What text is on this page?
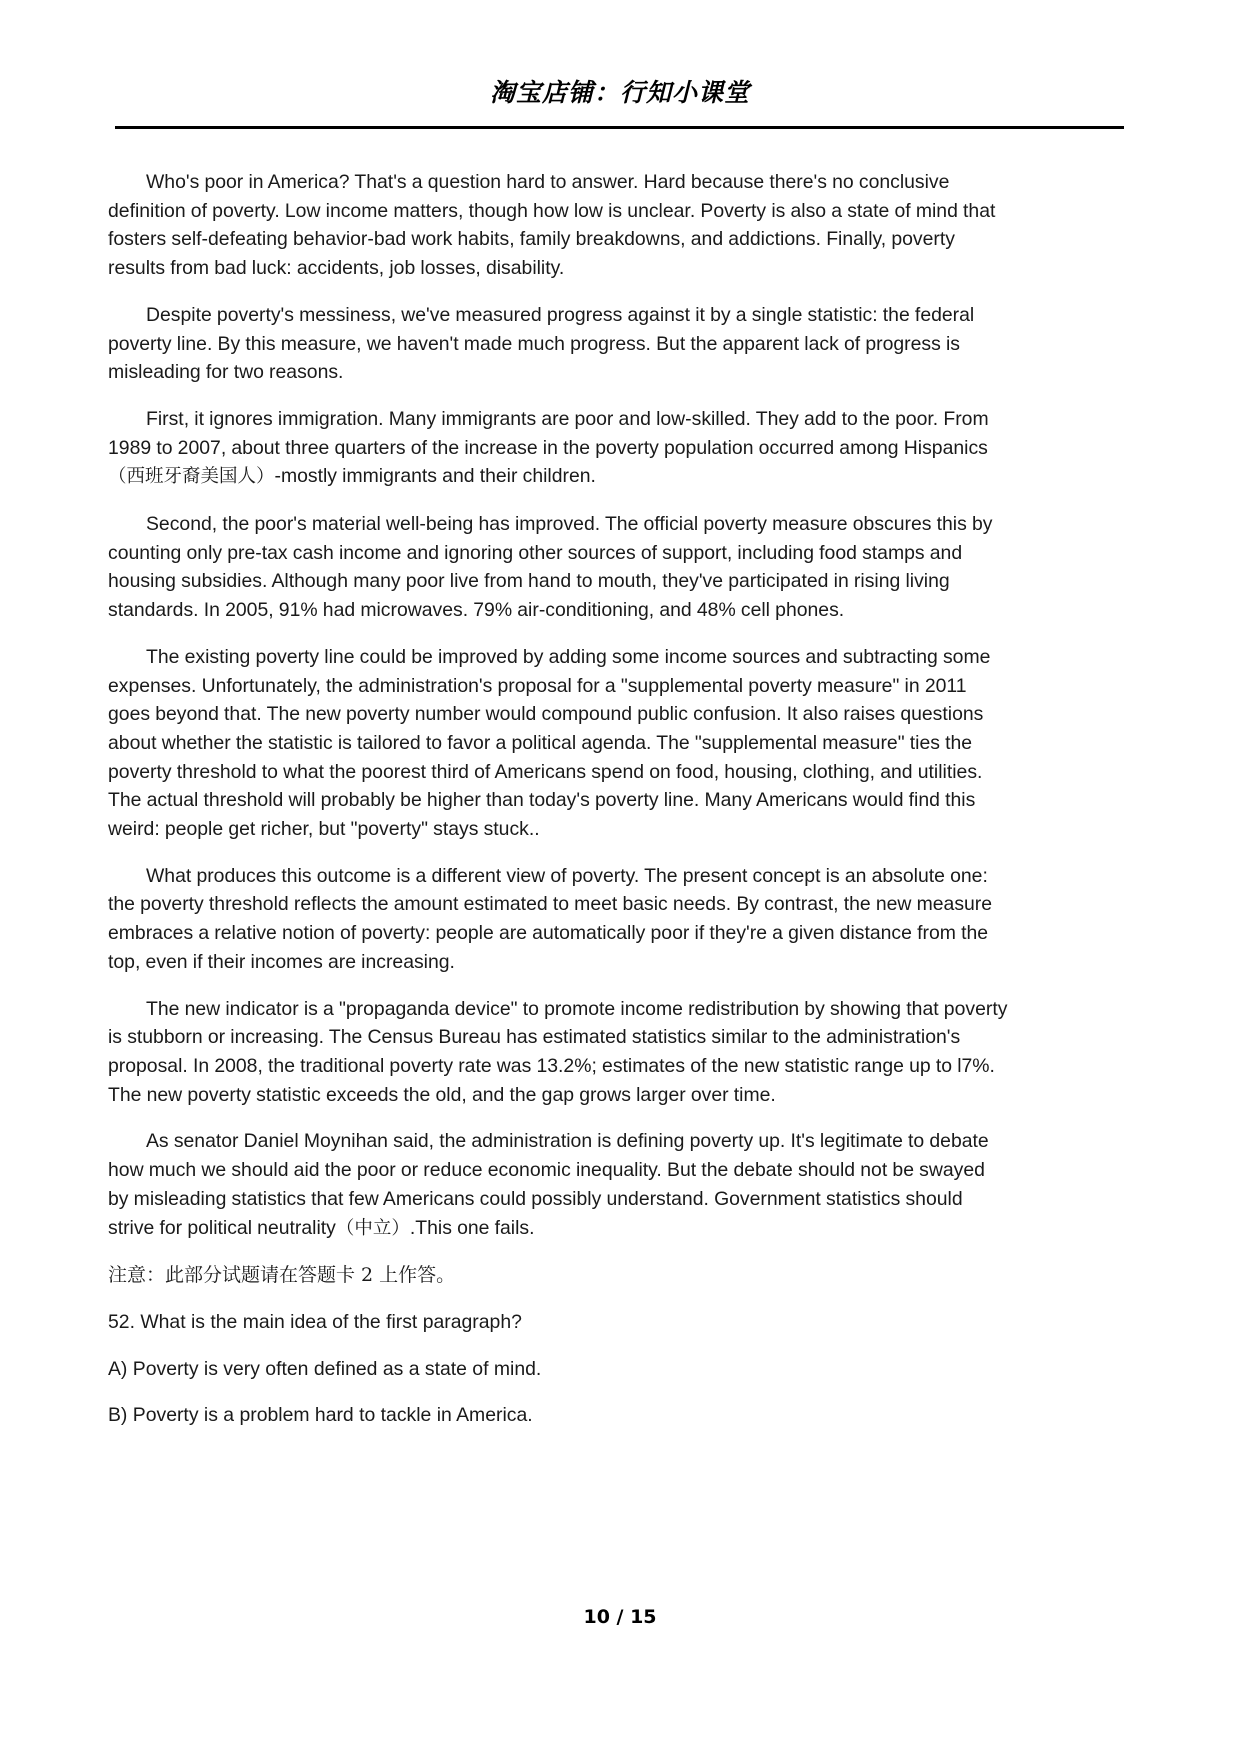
淘宝店铺：行知小课堂

Who's poor in America? That's a question hard to answer. Hard because there's no conclusive definition of poverty. Low income matters, though how low is unclear. Poverty is also a state of mind that fosters self-defeating behavior-bad work habits, family breakdowns, and addictions. Finally, poverty results from bad luck: accidents, job losses, disability.

Despite poverty's messiness, we've measured progress against it by a single statistic: the federal poverty line. By this measure, we haven't made much progress. But the apparent lack of progress is misleading for two reasons.

First, it ignores immigration. Many immigrants are poor and low-skilled. They add to the poor. From 1989 to 2007, about three quarters of the increase in the poverty population occurred among Hispanics（西班牙裔美国人）-mostly immigrants and their children.

Second, the poor's material well-being has improved. The official poverty measure obscures this by counting only pre-tax cash income and ignoring other sources of support, including food stamps and housing subsidies. Although many poor live from hand to mouth, they've participated in rising living standards. In 2005, 91% had microwaves. 79% air-conditioning, and 48% cell phones.

The existing poverty line could be improved by adding some income sources and subtracting some expenses. Unfortunately, the administration's proposal for a "supplemental poverty measure" in 2011 goes beyond that. The new poverty number would compound public confusion. It also raises questions about whether the statistic is tailored to favor a political agenda. The "supplemental measure" ties the poverty threshold to what the poorest third of Americans spend on food, housing, clothing, and utilities. The actual threshold will probably be higher than today's poverty line. Many Americans would find this weird: people get richer, but "poverty" stays stuck..

What produces this outcome is a different view of poverty. The present concept is an absolute one: the poverty threshold reflects the amount estimated to meet basic needs. By contrast, the new measure embraces a relative notion of poverty: people are automatically poor if they're a given distance from the top, even if their incomes are increasing.

The new indicator is a "propaganda device" to promote income redistribution by showing that poverty is stubborn or increasing. The Census Bureau has estimated statistics similar to the administration's proposal. In 2008, the traditional poverty rate was 13.2%; estimates of the new statistic range up to l7%. The new poverty statistic exceeds the old, and the gap grows larger over time.

As senator Daniel Moynihan said, the administration is defining poverty up. It's legitimate to debate how much we should aid the poor or reduce economic inequality. But the debate should not be swayed by misleading statistics that few Americans could possibly understand. Government statistics should strive for political neutrality（中立）.This one fails.

注意：此部分试题请在答题卡 2 上作答。

52. What is the main idea of the first paragraph?

A) Poverty is very often defined as a state of mind.

B) Poverty is a problem hard to tackle in America.

10 / 15
